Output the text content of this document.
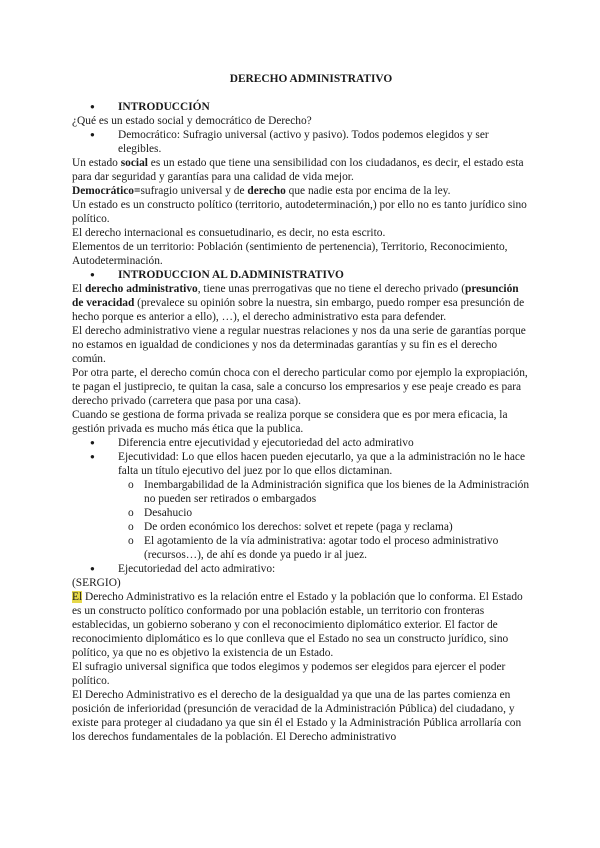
DERECHO ADMINISTRATIVO
● INTRODUCCIÓN

¿Qué es un estado social y democrático de Derecho?

● Democrático: Sufragio universal (activo y pasivo). Todos podemos elegidos y ser elegibles.

Un estado social es un estado que tiene una sensibilidad con los ciudadanos, es decir, el estado esta para dar seguridad y garantías para una calidad de vida mejor.

Democrático=sufragio universal y de derecho que nadie esta por encima de la ley.

Un estado es un constructo político (territorio, autodeterminación,) por ello no es tanto jurídico sino político.

El derecho internacional es consuetudinario, es decir, no esta escrito.

Elementos de un territorio: Población (sentimiento de pertenencia), Territorio, Reconocimiento, Autodeterminación.

● INTRODUCCION AL D.ADMINISTRATIVO

El derecho administrativo, tiene unas prerrogativas que no tiene el derecho privado (presunción de veracidad (prevalece su opinión sobre la nuestra, sin embargo, puedo romper esa presunción de hecho porque es anterior a ello), …), el derecho administrativo esta para defender.

El derecho administrativo viene a regular nuestras relaciones y nos da una serie de garantías porque no estamos en igualdad de condiciones y nos da determinadas garantías y su fin es el derecho común.

Por otra parte, el derecho común choca con el derecho particular como por ejemplo la expropiación, te pagan el justiprecio, te quitan la casa, sale a concurso los empresarios y ese peaje creado es para derecho privado (carretera que pasa por una casa).

Cuando se gestiona de forma privada se realiza porque se considera que es por mera eficacia, la gestión privada es mucho más ética que la publica.

● Diferencia entre ejecutividad y ejecutoriedad del acto admirativo
● Ejecutividad: Lo que ellos hacen pueden ejecutarlo, ya que a la administración no le hace falta un título ejecutivo del juez por lo que ellos dictaminan.
o Inembargabilidad de la Administración significa que los bienes de la Administración no pueden ser retirados o embargados
o Desahucio
o De orden económico los derechos: solvet et repete (paga y reclama)
o El agotamiento de la vía administrativa: agotar todo el proceso administrativo (recursos…), de ahí es donde ya puedo ir al juez.
● Ejecutoriedad del acto admirativo:

(SERGIO)

El Derecho Administrativo es la relación entre el Estado y la población que lo conforma. El Estado es un constructo político conformado por una población estable, un territorio con fronteras establecidas, un gobierno soberano y con el reconocimiento diplomático exterior. El factor de reconocimiento diplomático es lo que conlleva que el Estado no sea un constructo jurídico, sino político, ya que no es objetivo la existencia de un Estado.

El sufragio universal significa que todos elegimos y podemos ser elegidos para ejercer el poder político.

El Derecho Administrativo es el derecho de la desigualdad ya que una de las partes comienza en posición de inferioridad (presunción de veracidad de la Administración Pública) del ciudadano, y existe para proteger al ciudadano ya que sin él el Estado y la Administración Pública arrollaría con los derechos fundamentales de la población. El Derecho administrativo
